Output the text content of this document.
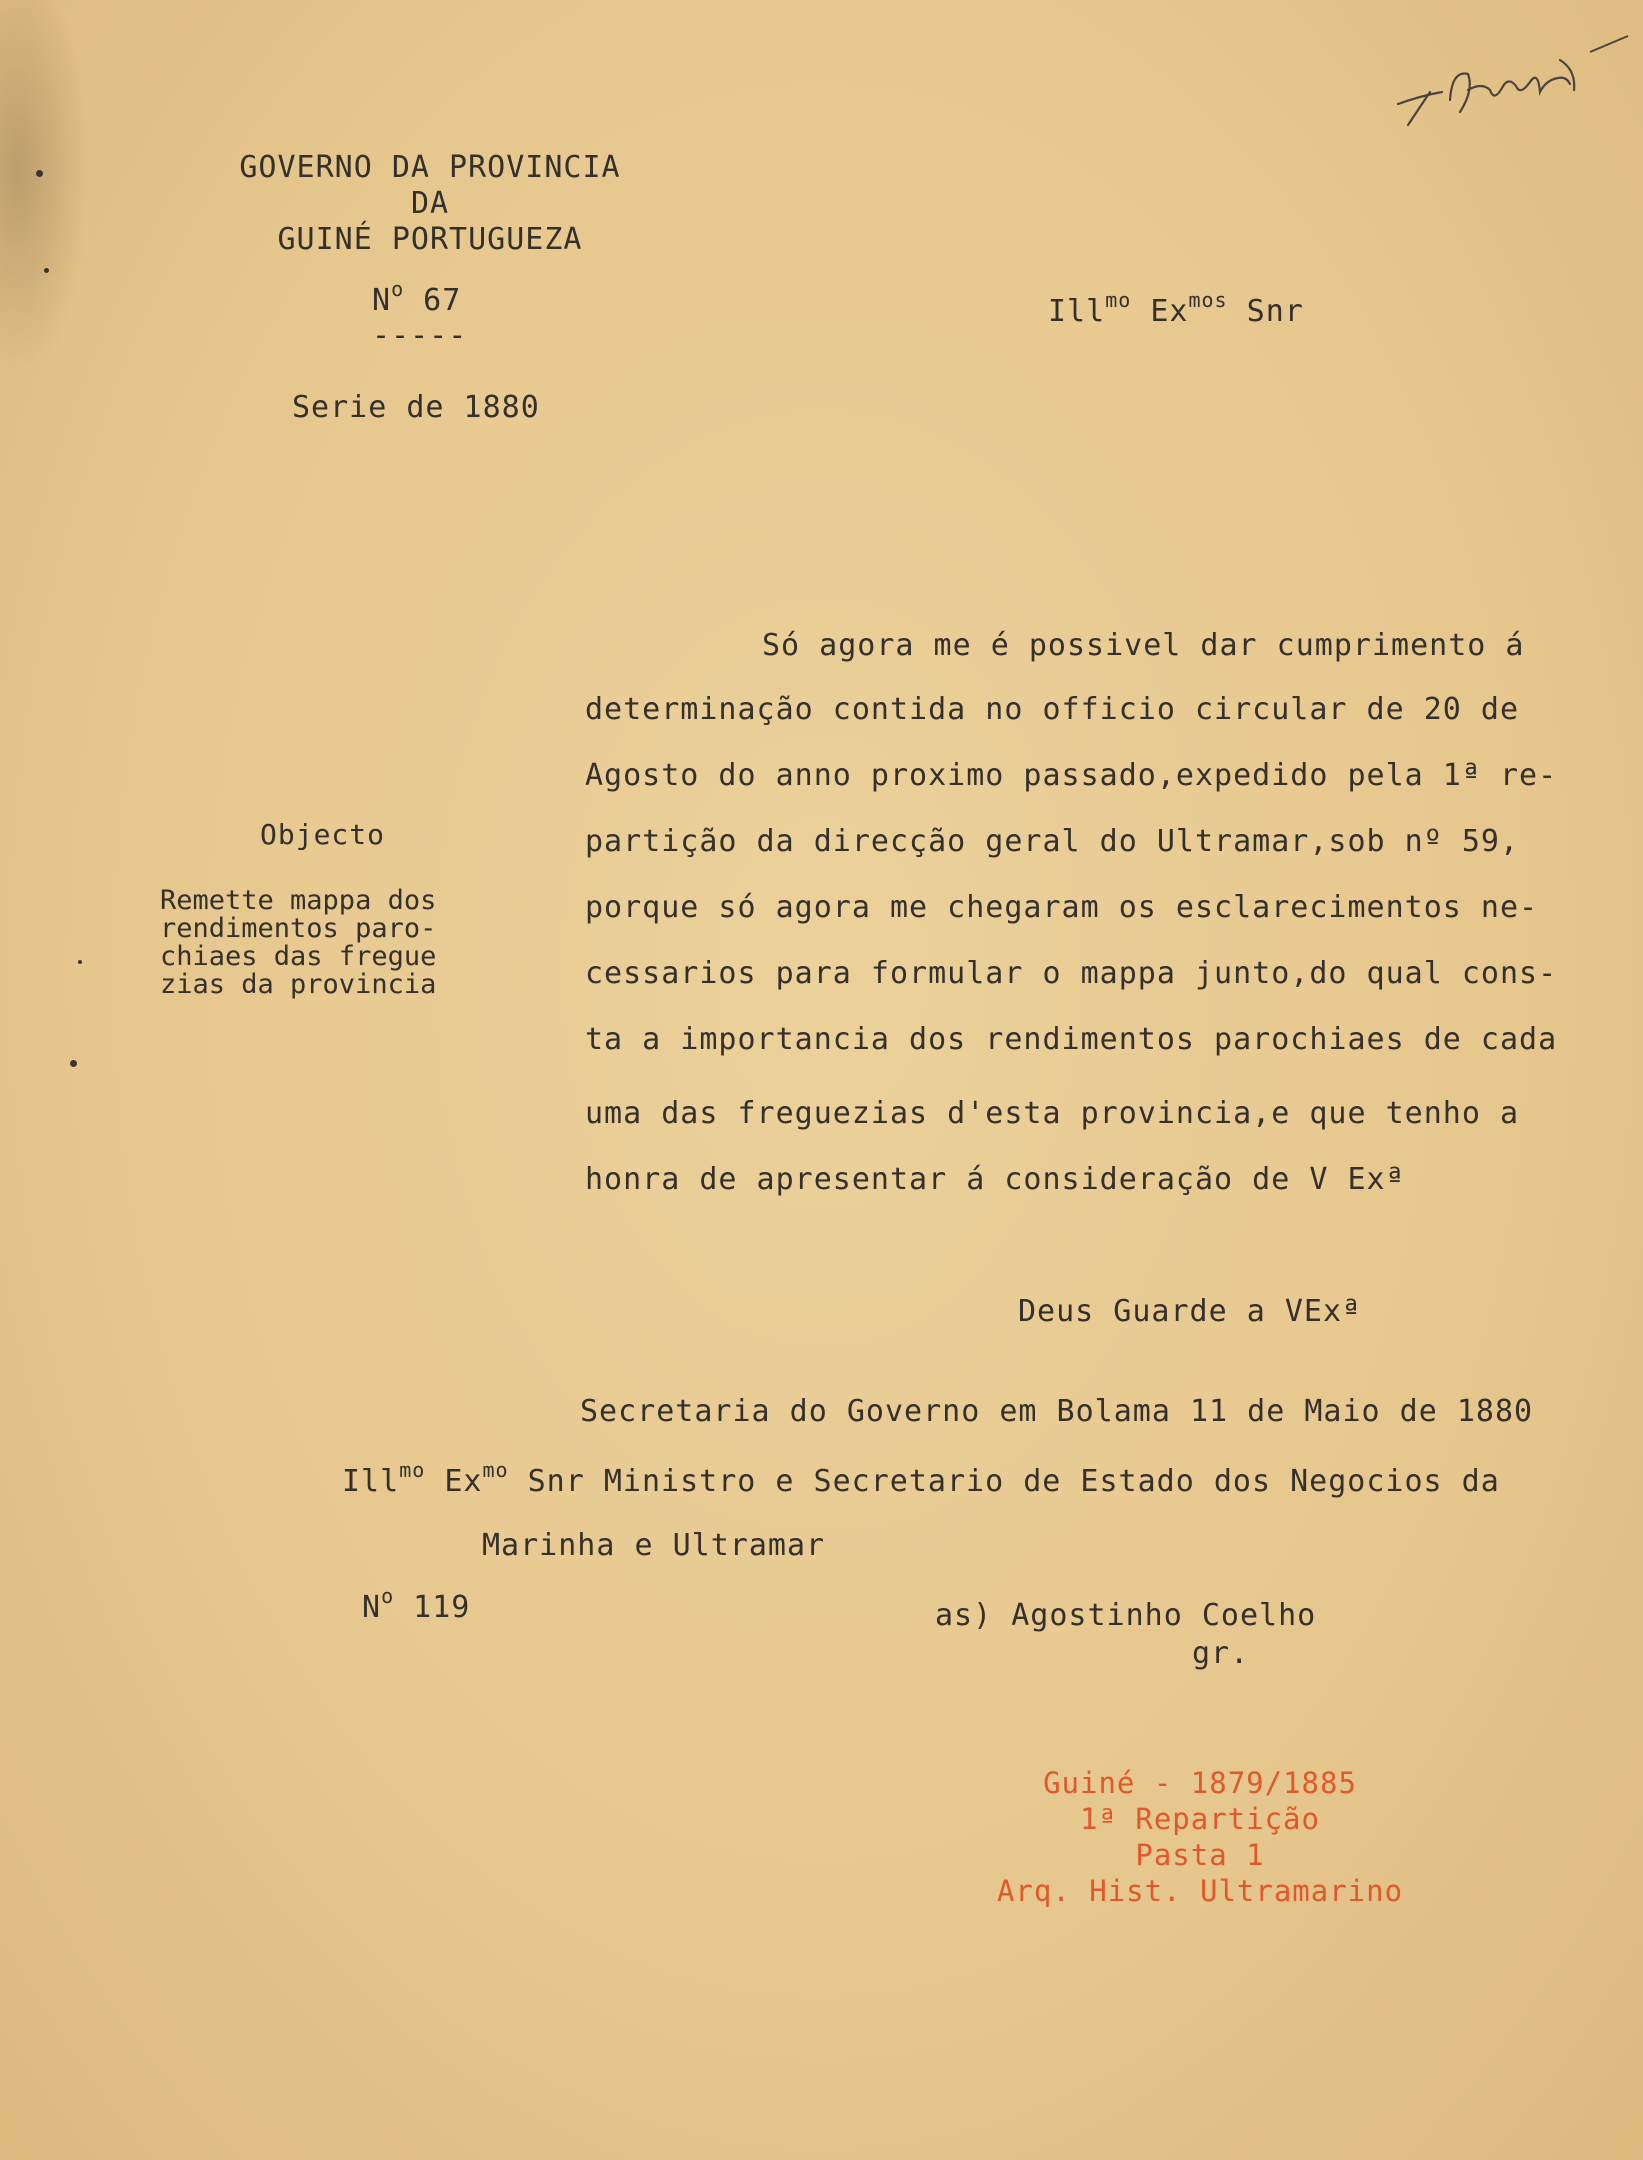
GOVERNO DA PROVINCIA
DA
GUINÉ PORTUGUEZA
$N^o$ 67
-----
Serie de 1880
Ill$^{mo}$ $Ex^{mos}$ Snr
Objecto
Remette mappa dos
rendimentos paro-
chiaes das fregue
zias da provincia
Só agora me é possivel dar cumprimento á
determinação contida no officio circular de 20 de
Agosto do anno proximo passado,expedido pela 1ª re-
partição da direcção geral do Ultramar,sob nº 59,
porque só agora me chegaram os esclarecimentos ne-
cessarios para formular o mappa junto,do qual cons-
ta a importancia dos rendimentos parochiaes de cada
uma das freguezias d'esta provincia,e que tenho a
honra de apresentar á consideração de V Exª
Deus Guarde a VExª
Secretaria do Governo em Bolama 11 de Maio de 1880
Ill$^{mo}$ $Ex^{mo}$ Snr Ministro e Secretario de Estado dos Negocios da
Marinha e Ultramar
$N^o$ 119	as) Agostinho Coelho
gr.
Guiné - 1879/1885
1ª Repartição
Pasta 1
Arq. Hist. Ultramarino
